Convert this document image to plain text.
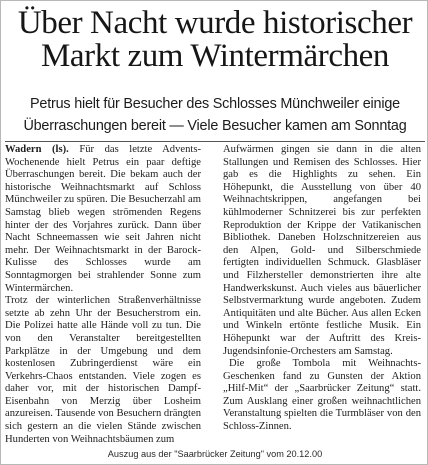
Über Nacht wurde historischer
Markt zum Wintermärchen
Petrus hielt für Besucher des Schlosses Münchweiler einige
Überraschungen bereit — Viele Besucher kamen am Sonntag

Wadern (ls). Für das letzte Advents-Wochenende hielt Petrus ein paar deftige Überraschungen bereit. Die bekam auch der historische Weihnachtsmarkt auf Schloss Münchweiler zu spüren. Die Besucherzahl am Samstag blieb wegen strömenden Regens hinter der des Vorjahres zurück. Dann über Nacht Schneemassen wie seit Jahren nicht mehr. Der Weihnachtsmarkt in der Barock-Kulisse des Schlosses wurde am Sonntagmorgen bei strahlender Sonne zum Wintermärchen.

Trotz der winterlichen Straßenverhältnisse setzte ab zehn Uhr der Besucherstrom ein. Die Polizei hatte alle Hände voll zu tun. Die von den Veranstalter bereitgestellten Parkplätze in der Umgebung und dem kostenlosen Zubringerdienst wäre ein Verkehrs-Chaos entstanden. Viele zogen es daher vor, mit der historischen Dampf-Eisenbahn von Merzig über Losheim anzureisen. Tausende von Besuchern drängten sich gestern an die vielen Stände zwischen Hunderten von Weihnachtsbäumen zum

Aufwärmen gingen sie dann in die alten Stallungen und Remisen des Schlosses. Hier gab es die Highlights zu sehen. Ein Höhepunkt, die Ausstellung von über 40 Weihnachtskrippen, angefangen bei kühlmoderner Schnitzerei bis zur perfekten Reproduktion der Krippe der Vatikanischen Bibliothek. Daneben Holzschnitzereien aus den Alpen, Gold- und Silberschmiede fertigten individuellen Schmuck. Glasbläser und Filzhersteller demonstrierten ihre alte Handwerkskunst. Auch vieles aus bäuerlicher Selbstvermarktung wurde angeboten. Zudem Antiquitäten und alte Bücher. Aus allen Ecken und Winkeln ertönte festliche Musik. Ein Höhepunkt war der Auftritt des Kreis-Jugendsinfonie-Orchesters am Samstag.

Die große Tombola mit Weihnachts-Geschenken fand zu Gunsten der Aktion „Hilf-Mit“ der „Saarbrücker Zeitung“ statt. Zum Ausklang einer großen weihnachtlichen Veranstaltung spielten die Turmbläser von den Schloss-Zinnen.

Auszug aus der "Saarbrücker Zeitung" vom 20.12.00
